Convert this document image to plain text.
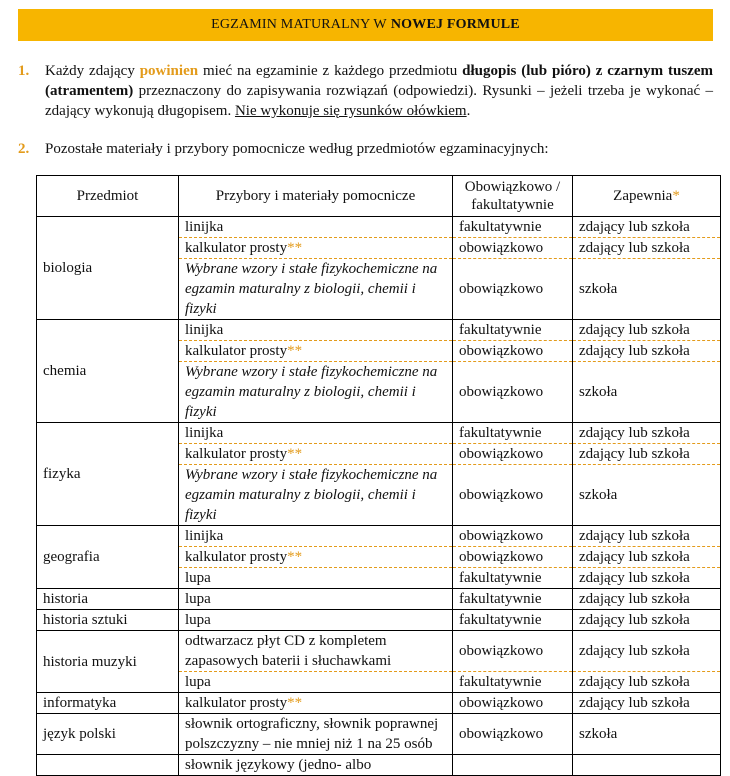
EGZAMIN MATURALNY W NOWEJ FORMULE
1.	Każdy zdający powinien mieć na egzaminie z każdego przedmiotu długopis (lub pióro) z czarnym tuszem (atramentem) przeznaczony do zapisywania rozwiązań (odpowiedzi). Rysunki – jeżeli trzeba je wykonać – zdający wykonują długopisem. Nie wykonuje się rysunków ołówkiem.
2.	Pozostałe materiały i przybory pomocnicze według przedmiotów egzaminacyjnych:
Przedmiot	Przybory i materiały pomocnicze	Obowiązkowo / fakultatywnie	Zapewnia*
biologia	linijka	fakultatywnie	zdający lub szkoła
	kalkulator prosty**	obowiązkowo	zdający lub szkoła
	Wybrane wzory i stałe fizykochemiczne na egzamin maturalny z biologii, chemii i fizyki	obowiązkowo	szkoła
chemia	linijka	fakultatywnie	zdający lub szkoła
	kalkulator prosty**	obowiązkowo	zdający lub szkoła
	Wybrane wzory i stałe fizykochemiczne na egzamin maturalny z biologii, chemii i fizyki	obowiązkowo	szkoła
fizyka	linijka	fakultatywnie	zdający lub szkoła
	kalkulator prosty**	obowiązkowo	zdający lub szkoła
	Wybrane wzory i stałe fizykochemiczne na egzamin maturalny z biologii, chemii i fizyki	obowiązkowo	szkoła
geografia	linijka	obowiązkowo	zdający lub szkoła
	kalkulator prosty**	obowiązkowo	zdający lub szkoła
	lupa	fakultatywnie	zdający lub szkoła
historia	lupa	fakultatywnie	zdający lub szkoła
historia sztuki	lupa	fakultatywnie	zdający lub szkoła
historia muzyki	odtwarzacz płyt CD z kompletem zapasowych baterii i słuchawkami	obowiązkowo	zdający lub szkoła
	lupa	fakultatywnie	zdający lub szkoła
informatyka	kalkulator prosty**	obowiązkowo	zdający lub szkoła
język polski	słownik ortograficzny, słownik poprawnej polszczyzny – nie mniej niż 1 na 25 osób	obowiązkowo	szkoła
	słownik językowy (jedno- albo		
